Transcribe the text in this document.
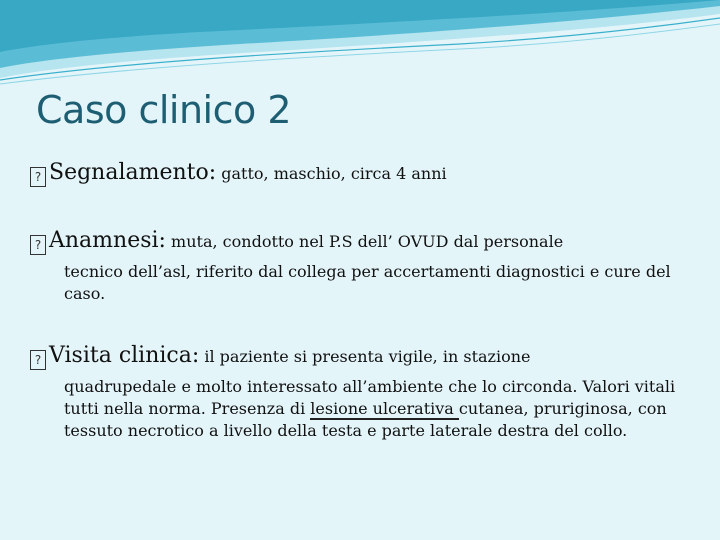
Caso clinico 2
? Segnalamento: gatto, maschio, circa 4 anni
? Anamnesi: muta, condotto nel P.S dell’ OVUD dal personale
tecnico dell’asl, riferito dal collega per accertamenti diagnostici e cure del caso.
? Visita clinica: il paziente si presenta vigile, in stazione
quadrupedale e molto interessato all’ambiente che lo circonda. Valori vitali tutti nella norma. Presenza di lesione ulcerativa cutanea, pruriginosa, con tessuto necrotico a livello della testa e parte laterale destra del collo.
